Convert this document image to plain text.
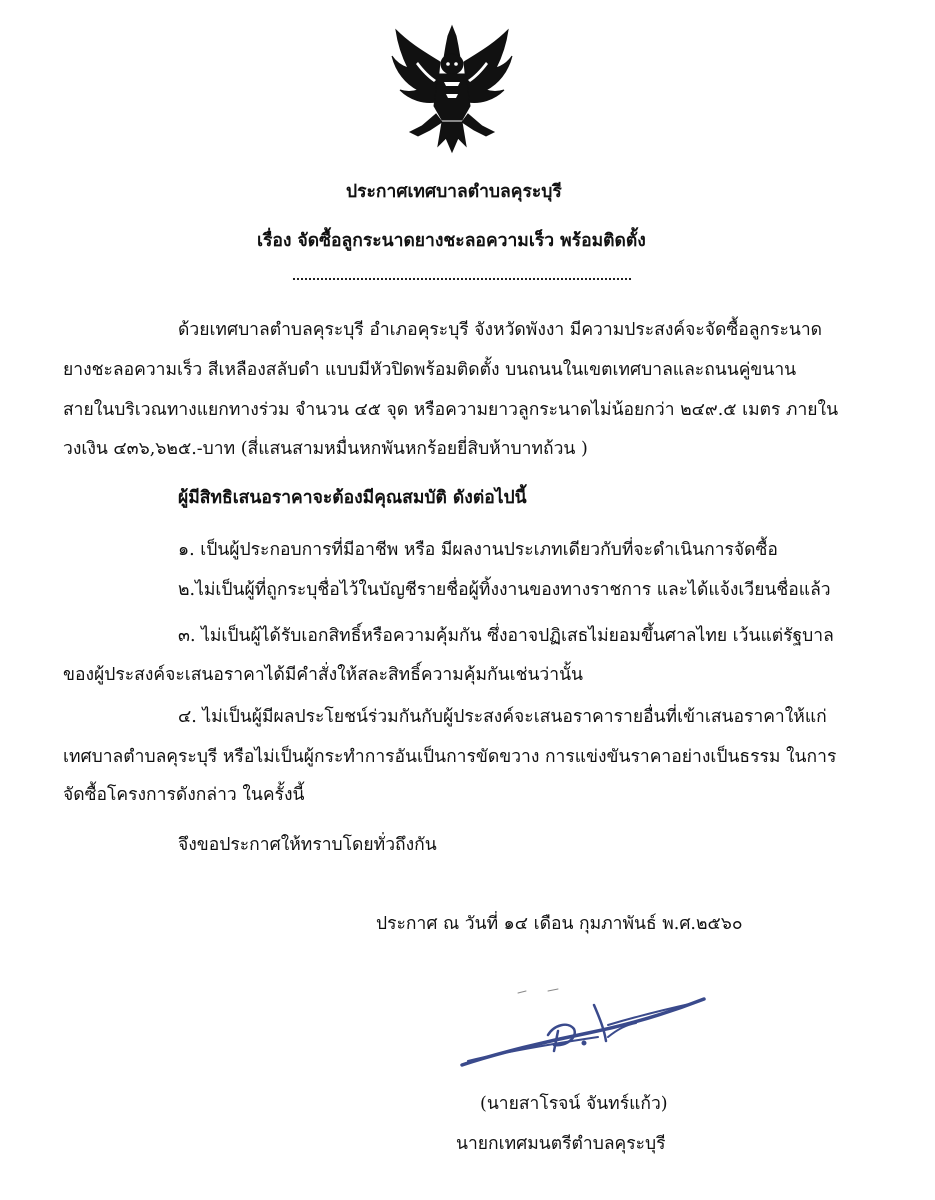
ประกาศเทศบาลตำบลคุระบุรี
เรื่อง จัดซื้อลูกระนาดยางชะลอความเร็ว พร้อมติดตั้ง
ด้วยเทศบาลตำบลคุระบุรี อำเภอคุระบุรี จังหวัดพังงา มีความประสงค์จะจัดซื้อลูกระนาด
ยางชะลอความเร็ว สีเหลืองสลับดำ แบบมีหัวปิดพร้อมติดตั้ง บนถนนในเขตเทศบาลและถนนคู่ขนาน
สายในบริเวณทางแยกทางร่วม จำนวน ๔๕ จุด หรือความยาวลูกระนาดไม่น้อยกว่า ๒๔๙.๕ เมตร ภายใน
วงเงิน ๔๓๖,๖๒๕.-บาท (สี่แสนสามหมื่นหกพันหกร้อยยี่สิบห้าบาทถ้วน )
ผู้มีสิทธิเสนอราคาจะต้องมีคุณสมบัติ ดังต่อไปนี้
๑. เป็นผู้ประกอบการที่มีอาชีพ หรือ มีผลงานประเภทเดียวกับที่จะดำเนินการจัดซื้อ
๒.ไม่เป็นผู้ที่ถูกระบุชื่อไว้ในบัญชีรายชื่อผู้ทิ้งงานของทางราชการ และได้แจ้งเวียนชื่อแล้ว
๓. ไม่เป็นผู้ได้รับเอกสิทธิ์หรือความคุ้มกัน ซึ่งอาจปฏิเสธไม่ยอมขึ้นศาลไทย เว้นแต่รัฐบาล
ของผู้ประสงค์จะเสนอราคาได้มีคำสั่งให้สละสิทธิ์ความคุ้มกันเช่นว่านั้น
๔. ไม่เป็นผู้มีผลประโยชน์ร่วมกันกับผู้ประสงค์จะเสนอราคารายอื่นที่เข้าเสนอราคาให้แก่
เทศบาลตำบลคุระบุรี หรือไม่เป็นผู้กระทำการอันเป็นการขัดขวาง การแข่งขันราคาอย่างเป็นธรรม ในการ
จัดซื้อโครงการดังกล่าว ในครั้งนี้
จึงขอประกาศให้ทราบโดยทั่วถึงกัน
ประกาศ ณ วันที่ ๑๔ เดือน กุมภาพันธ์ พ.ศ.๒๕๖๐
(นายสาโรจน์ จันทร์แก้ว)
นายกเทศมนตรีตำบลคุระบุรี
